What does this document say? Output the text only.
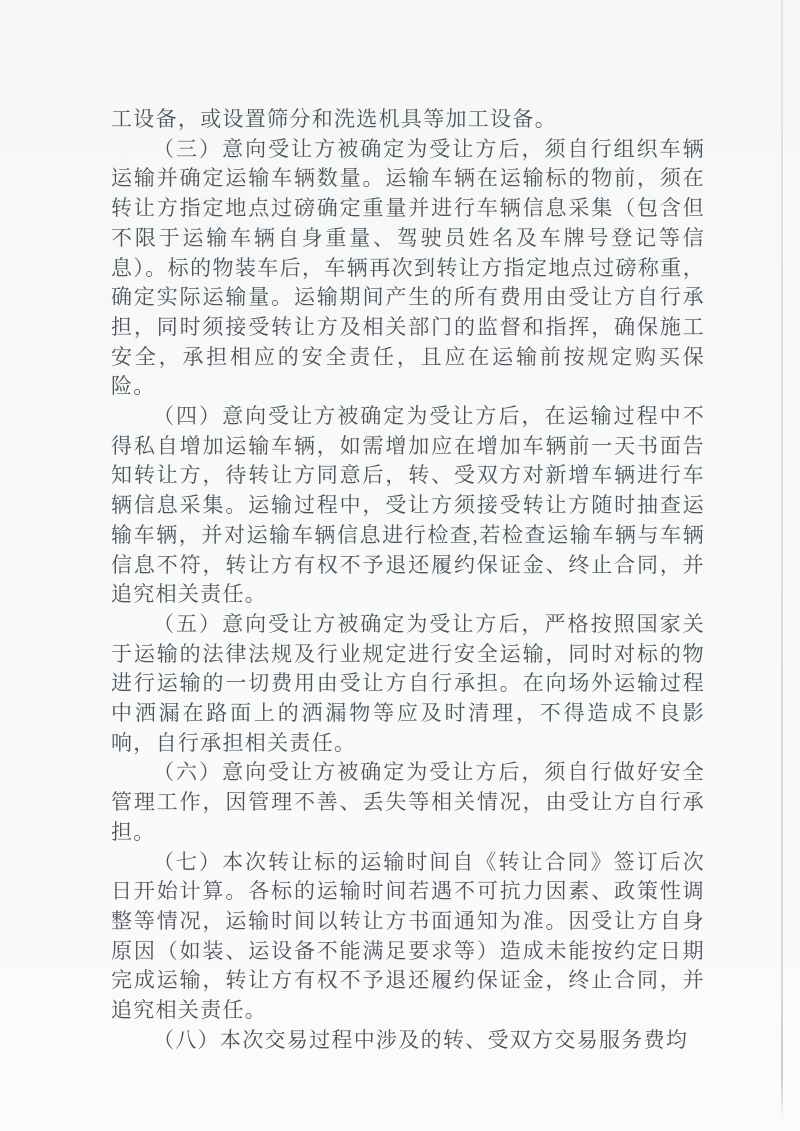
工设备，或设置筛分和洗选机具等加工设备。

（三）意向受让方被确定为受让方后，须自行组织车辆运输并确定运输车辆数量。运输车辆在运输标的物前，须在转让方指定地点过磅确定重量并进行车辆信息采集（包含但不限于运输车辆自身重量、驾驶员姓名及车牌号登记等信息）。标的物装车后，车辆再次到转让方指定地点过磅称重，确定实际运输量。运输期间产生的所有费用由受让方自行承担，同时须接受转让方及相关部门的监督和指挥，确保施工安全，承担相应的安全责任，且应在运输前按规定购买保险。

（四）意向受让方被确定为受让方后，在运输过程中不得私自增加运输车辆，如需增加应在增加车辆前一天书面告知转让方，待转让方同意后，转、受双方对新增车辆进行车辆信息采集。运输过程中，受让方须接受转让方随时抽查运输车辆，并对运输车辆信息进行检查,若检查运输车辆与车辆信息不符，转让方有权不予退还履约保证金、终止合同，并追究相关责任。

（五）意向受让方被确定为受让方后，严格按照国家关于运输的法律法规及行业规定进行安全运输，同时对标的物进行运输的一切费用由受让方自行承担。在向场外运输过程中洒漏在路面上的洒漏物等应及时清理，不得造成不良影响，自行承担相关责任。

（六）意向受让方被确定为受让方后，须自行做好安全管理工作，因管理不善、丢失等相关情况，由受让方自行承担。

（七）本次转让标的运输时间自《转让合同》签订后次日开始计算。各标的运输时间若遇不可抗力因素、政策性调整等情况，运输时间以转让方书面通知为准。因受让方自身原因（如装、运设备不能满足要求等）造成未能按约定日期完成运输，转让方有权不予退还履约保证金，终止合同，并追究相关责任。

（八）本次交易过程中涉及的转、受双方交易服务费均
